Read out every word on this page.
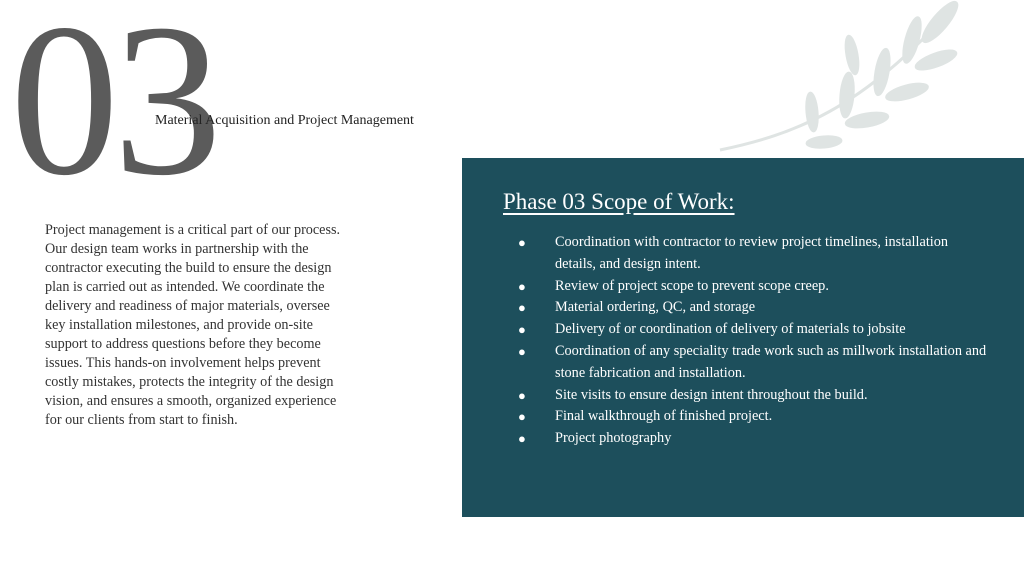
03
Material Acquisition and Project Management
Project management is a critical part of our process. Our design team works in partnership with the contractor executing the build to ensure the design plan is carried out as intended. We coordinate the delivery and readiness of major materials, oversee key installation milestones, and provide on-site support to address questions before they become issues. This hands-on involvement helps prevent costly mistakes, protects the integrity of the design vision, and ensures a smooth, organized experience for our clients from start to finish.
Phase 03 Scope of Work:
● Coordination with contractor to review project timelines, installation details, and design intent.
● Review of project scope to prevent scope creep.
● Material ordering, QC, and storage
● Delivery of or coordination of delivery of materials to jobsite
● Coordination of any speciality trade work such as millwork installation and stone fabrication and installation.
● Site visits to ensure design intent throughout the build.
● Final walkthrough of finished project.
● Project photography
